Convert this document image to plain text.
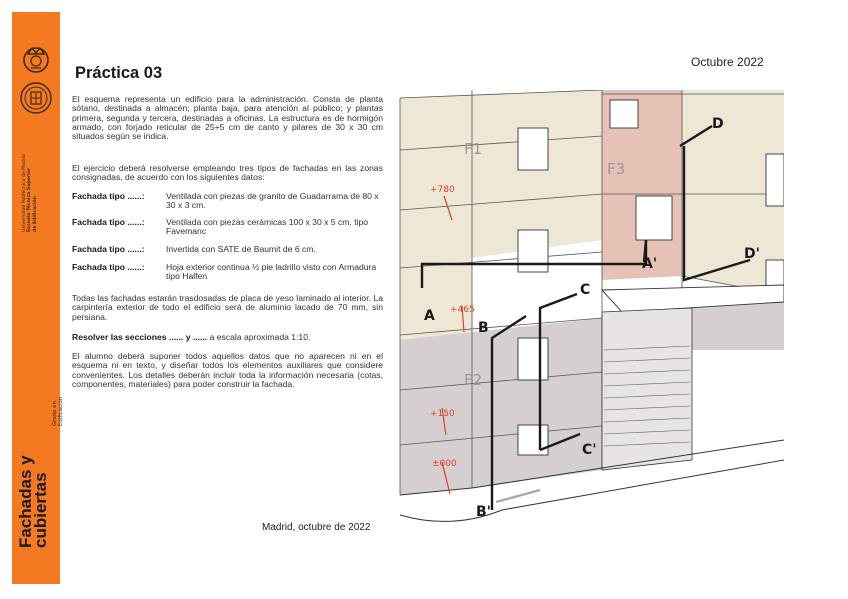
Universidad Politécnica de Madrid Escuela Técnica Superior de Edificación
Fachadas y
cubiertas
Grado en Edificación
Octubre 2022
Práctica 03
El esquema representa un edificio para la administración. Consta de planta sótano, destinada a almacén; planta baja, para atención al público; y plantas primera, segunda y tercera, destinadas a oficinas. La estructura es de hormigón armado, con forjado reticular de 25+5 cm de canto y pilares de 30 x 30 cm situados según se indica.
El ejercicio deberá resolverse empleando tres tipos de fachadas en las zonas consignadas, de acuerdo con los siguientes datos:
Fachada tipo ......: Ventilada con piezas de granito de Guadarrama de 80 x 30 x 3 cm.
Fachada tipo ......: Ventilada con piezas cerámicas 100 x 30 x 5 cm. tipo Favemanc
Fachada tipo ......: Invertida con SATE de Baumit de 6 cm.
Fachada tipo ......: Hoja exterior continua ½ pie ladrillo visto con Armadura tipo Halfen
Todas las fachadas estarán trasdosadas de placa de yeso laminado al interior. La carpintería exterior de todo el edificio será de aluminio lacado de 70 mm, sin persiana.
Resolver las secciones ...... y ...... a escala aproximada 1:10.
El alumno deberá suponer todos aquellos datos que no aparecen ni en el esquema ni en texto, y diseñar todos los elementos auxiliares que considere convenientes. Los detalles deberán incluir toda la información necesaria (cotas, componentes, materiales) para poder construir la fachada.
Madrid, octubre de 2022
+780
+465
+150
±000
F1
F3
F2
A
A'
B
B'
C
C'
D
D'
